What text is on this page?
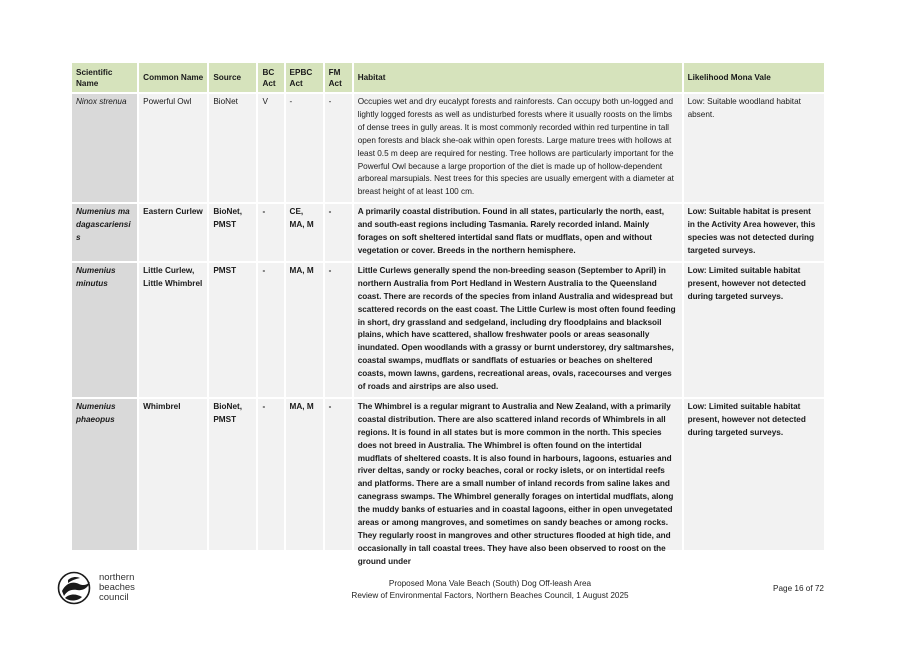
Scientific Name	Common Name	Source	BC Act	EPBC Act	FM Act	Habitat	Likelihood Mona Vale
Ninox strenua	Powerful Owl	BioNet	V	-	-	Occupies wet and dry eucalypt forests and rainforests. Can occupy both un-logged and lightly logged forests as well as undisturbed forests where it usually roosts on the limbs of dense trees in gully areas. It is most commonly recorded within red turpentine in tall open forests and black she-oak within open forests. Large mature trees with hollows at least 0.5 m deep are required for nesting. Tree hollows are particularly important for the Powerful Owl because a large proportion of the diet is made up of hollow-dependent arboreal marsupials. Nest trees for this species are usually emergent with a diameter at breast height of at least 100 cm.	Low: Suitable woodland habitat absent.
Numenius madagascariensis	Eastern Curlew	BioNet, PMST	-	CE, MA, M	-	A primarily coastal distribution. Found in all states, particularly the north, east, and south-east regions including Tasmania. Rarely recorded inland. Mainly forages on soft sheltered intertidal sand flats or mudflats, open and without vegetation or cover. Breeds in the northern hemisphere.	Low: Suitable habitat is present in the Activity Area however, this species was not detected during targeted surveys.
Numenius minutus	Little Curlew, Little Whimbrel	PMST	-	MA, M	-	Little Curlews generally spend the non-breeding season (September to April) in northern Australia from Port Hedland in Western Australia to the Queensland coast. There are records of the species from inland Australia and widespread but scattered records on the east coast. The Little Curlew is most often found feeding in short, dry grassland and sedgeland, including dry floodplains and blacksoil plains, which have scattered, shallow freshwater pools or areas seasonally inundated. Open woodlands with a grassy or burnt understorey, dry saltmarshes, coastal swamps, mudflats or sandflats of estuaries or beaches on sheltered coasts, mown lawns, gardens, recreational areas, ovals, racecourses and verges of roads and airstrips are also used.	Low: Limited suitable habitat present, however not detected during targeted surveys.
Numenius phaeopus	Whimbrel	BioNet, PMST	-	MA, M	-	The Whimbrel is a regular migrant to Australia and New Zealand, with a primarily coastal distribution. There are also scattered inland records of Whimbrels in all regions. It is found in all states but is more common in the north. This species does not breed in Australia. The Whimbrel is often found on the intertidal mudflats of sheltered coasts. It is also found in harbours, lagoons, estuaries and river deltas, sandy or rocky beaches, coral or rocky islets, or on intertidal reefs and platforms. There are a small number of inland records from saline lakes and canegrass swamps. The Whimbrel generally forages on intertidal mudflats, along the muddy banks of estuaries and in coastal lagoons, either in open unvegetated areas or among mangroves, and sometimes on sandy beaches or among rocks. They regularly roost in mangroves and other structures flooded at high tide, and occasionally in tall coastal trees. They have also been observed to roost on the ground under	Low: Limited suitable habitat present, however not detected during targeted surveys.
northern
beaches
council
Proposed Mona Vale Beach (South) Dog Off-leash Area
Review of Environmental Factors, Northern Beaches Council, 1 August 2025
Page 16 of 72
